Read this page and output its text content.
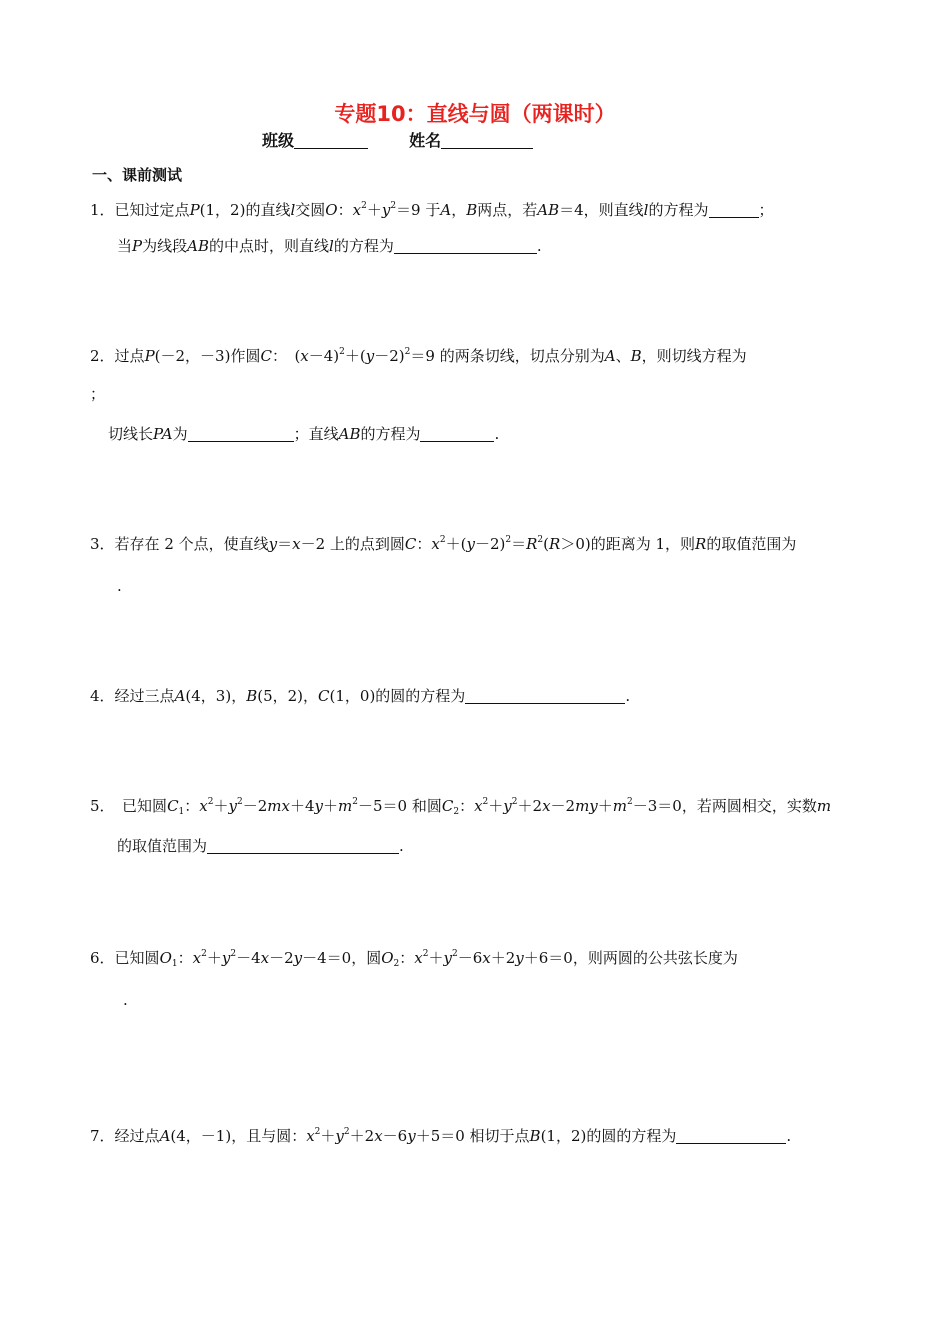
专题10：直线与圆（两课时）
班级	姓名
一、课前测试
1．已知过定点P(1，2)的直线l交圆O：$x^2+y^2=9$ 于A，B两点，若AB＝4，则直线l的方程为	；
当P为线段AB的中点时，则直线l的方程为	.
2．过点P(－2，－3)作圆C：　$(x-4)^2+(y-2)^2=9$ 的两条切线，切点分别为A、B，则切线方程为
；
切线长PA为	；直线AB的方程为	.
3．若存在 2 个点，使直线y＝x－2 上的点到圆C：$x^2+(y-2)^2=R^2(R>0)$的距离为 1，则R的取值范围为
.
4．经过三点A(4，3)，B(5，2)，C(1，0)的圆的方程为	.
5．　已知圆$C_1$：$x^2+y^2-2mx+4y+m^2-5=0$ 和圆$C_2$：$x^2+y^2+2x-2my+m^2-3=0$，若两圆相交，实数m
的取值范围为	.
6．已知圆$O_1$：$x^2+y^2-4x-2y-4=0$，圆$O_2$：$x^2+y^2-6x+2y+6=0$，则两圆的公共弦长度为
.
7．经过点A(4，－1)，且与圆：$x^2+y^2+2x-6y+5=0$ 相切于点B(1，2)的圆的方程为	.
